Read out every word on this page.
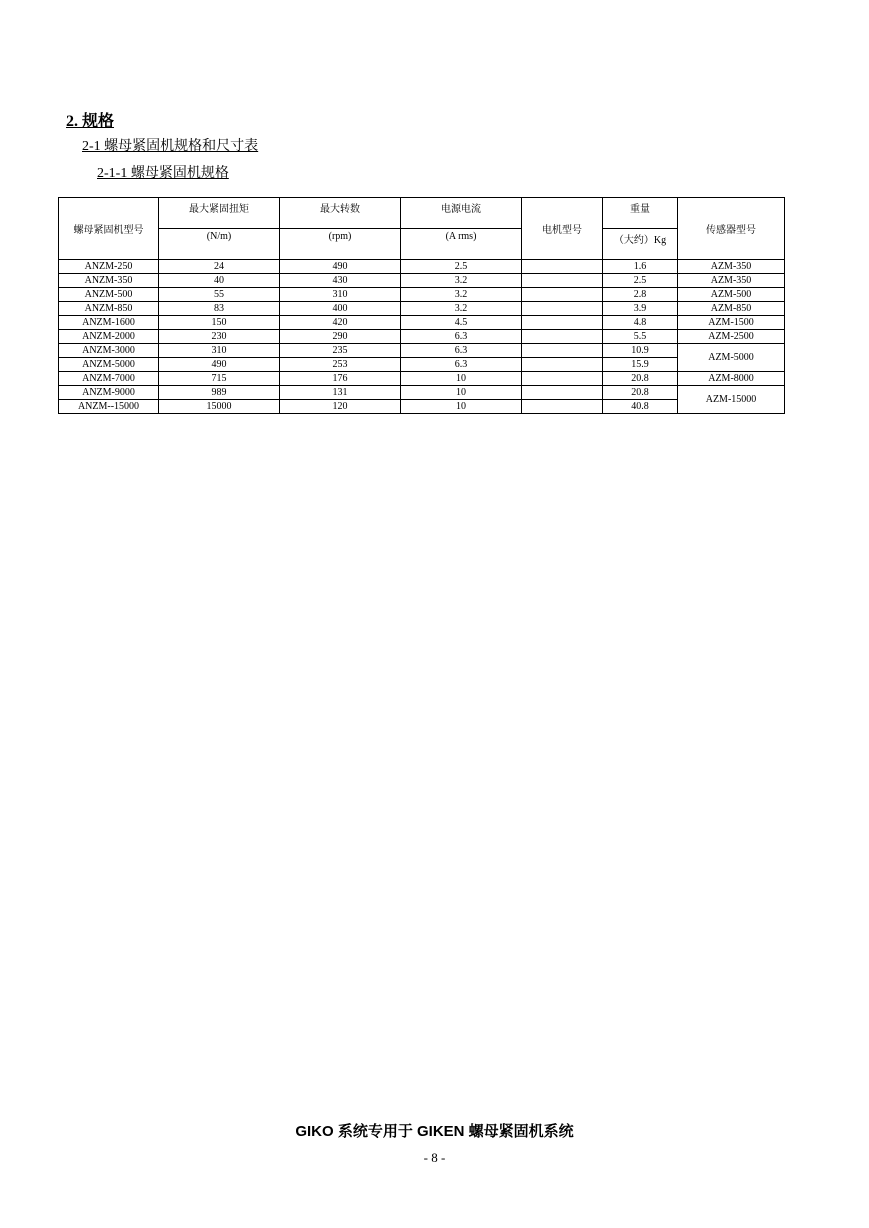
2. 规格
2-1 螺母紧固机规格和尺寸表
2-1-1 螺母紧固机规格
螺母紧固机型号	最大紧固扭矩	最大转数	电源电流	电机型号	重量	传感器型号
	(N/m)	(rpm)	(A rms)		（大约）Kg	
ANZM-250	24	490	2.5		1.6	AZM-350
ANZM-350	40	430	3.2		2.5	AZM-350
ANZM-500	55	310	3.2		2.8	AZM-500
ANZM-850	83	400	3.2		3.9	AZM-850
ANZM-1600	150	420	4.5		4.8	AZM-1500
ANZM-2000	230	290	6.3		5.5	AZM-2500
ANZM-3000	310	235	6.3		10.9	AZM-5000
ANZM-5000	490	253	6.3		15.9	
ANZM-7000	715	176	10		20.8	AZM-8000
ANZM-9000	989	131	10		20.8	AZM-15000
ANZM--15000	15000	120	10		40.8	
GIKO 系统专用于 GIKEN 螺母紧固机系统
- 8 -
